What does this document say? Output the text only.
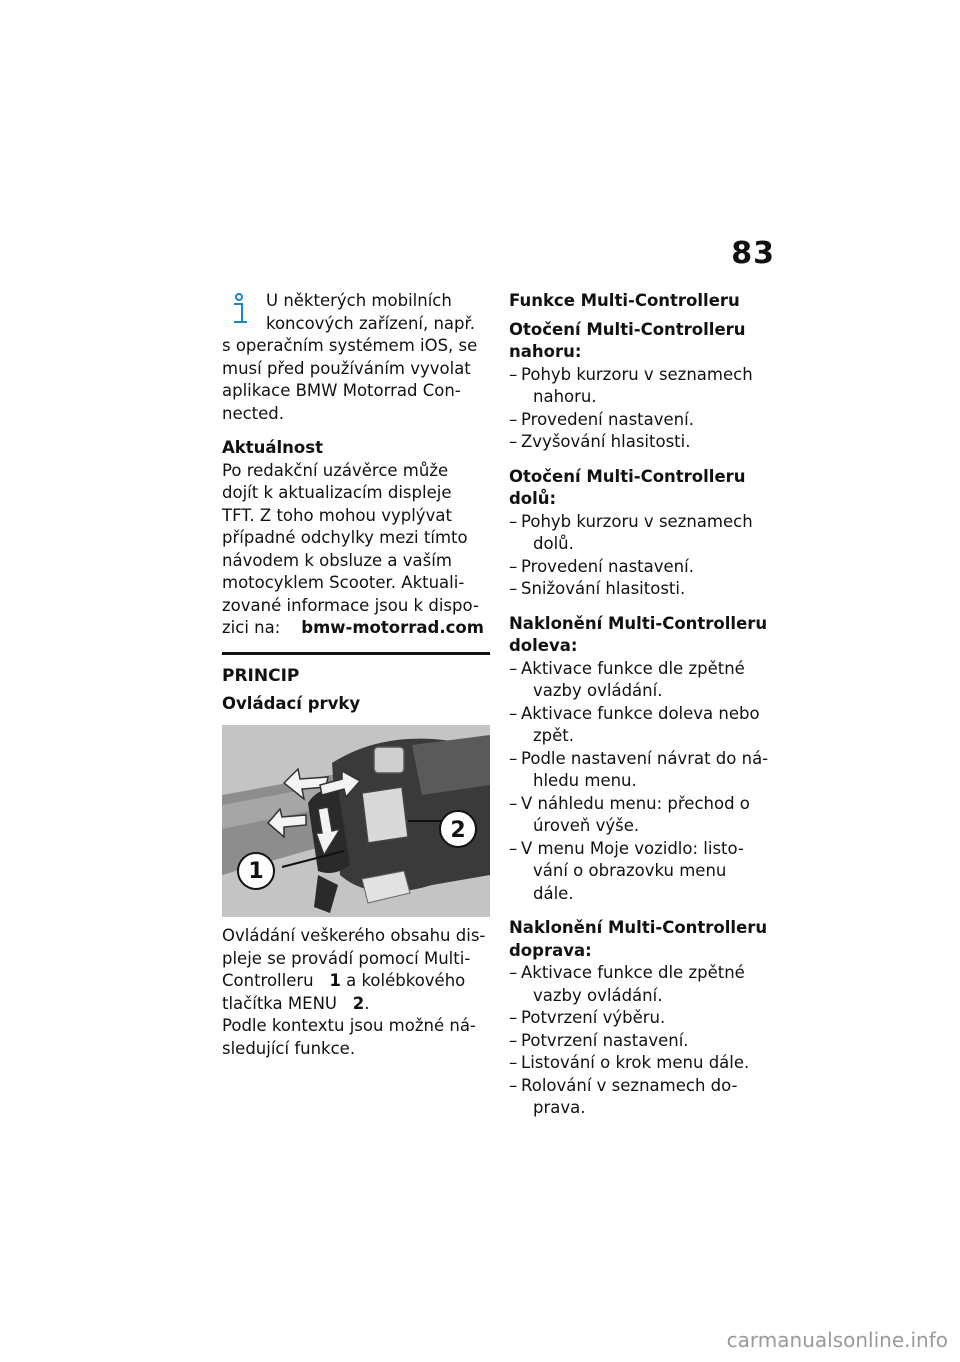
83

U některých mobilních

koncových zařízení, např.

s operačním systémem iOS, se

musí před používáním vyvolat

aplikace BMW Motorrad Con-

nected.

Aktuálnost

Po redakční uzávěrce může

dojít k aktualizacím displeje

TFT. Z toho mohou vyplývat

případné odchylky mezi tímto

návodem k obsluze a vaším

motocyklem Scooter. Aktuali-

zované informace jsou k dispo-

zici na: bmw-motorrad.com

PRINCIP

Ovládací prvky

1
2

Ovládání veškerého obsahu dis-

pleje se provádí pomocí Multi-

Controlleru 1 a kolébkového

tlačítka MENU 2.

Podle kontextu jsou možné ná-

sledující funkce.

Funkce Multi-Controlleru

Otočení Multi-Controlleru

nahoru:

– Pohyb kurzoru v seznamech
nahoru.
– Provedení nastavení.
– Zvyšování hlasitosti.

Otočení Multi-Controlleru

dolů:

– Pohyb kurzoru v seznamech
dolů.
– Provedení nastavení.
– Snižování hlasitosti.

Naklonění Multi-Controlleru

doleva:

– Aktivace funkce dle zpětné
vazby ovládání.
– Aktivace funkce doleva nebo
zpět.
– Podle nastavení návrat do ná-
hledu menu.
– V náhledu menu: přechod o
úroveň výše.
– V menu Moje vozidlo: listo-
vání o obrazovku menu dále.

Naklonění Multi-Controlleru

doprava:

– Aktivace funkce dle zpětné
vazby ovládání.
– Potvrzení výběru.
– Potvrzení nastavení.
– Listování o krok menu dále.
– Rolování v seznamech do-
prava.
carmanualsonline.info
